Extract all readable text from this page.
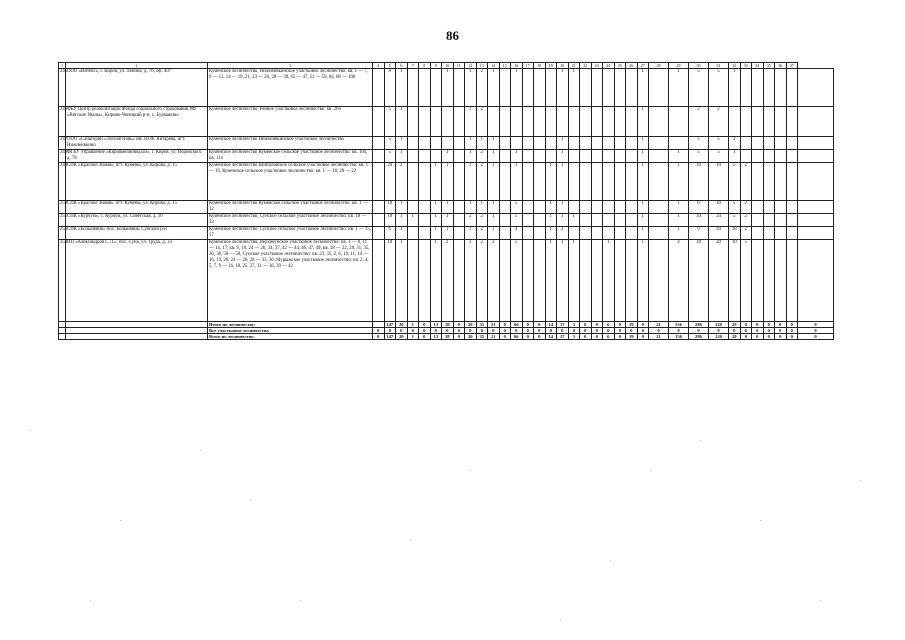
86
1	2	3	4	5	6	7	8	9	10	11	12	13	14	15	16	17	18	19	20	21	22	23	24	25	26	27	28	29	30	31	32	33	34	35	36	37	
245	ООО «Интекс», г. Киров, ул. Ленина, д. 76, оф. 407	Куменское лесничество, Нижнеивкинское участковое лесничество: кв. 1 — 7, 9 — 12, 14 — 19, 21, 23 — 26, 28 — 39, 65 — 47, 52 — 59, 66, 80 — 100		8	1				1		1	2	1		1				1	1						1		1	5	5	1						
246	ФБУ Центр реабилитации Фонда социального страхования РФ «Вятские Увалы», Кирово-Чепецкий р-н, с. Бурмакино	Куменское лесничество, Речное участковое лесничество: кв. 26ч		5	1						1	2														1			2	2							
247	ООО «Санаторий «Лесная Новь» им. Ю.Ф. Янтарева, пгт. Нижнеивкино	Куменское лесничество Нижнеивкинское участковое лесничество		5	1						1	1	1						1							1			5	5	2						
248	ФГБУ Управление «Кировмелиоводхоз», г. Киров, ул. Воровского, д. 78	Куменское лесничество Куменское сельское участковое лесничество: кв. 10ч, кв. 11ч		5	1				1		1	2	1		1				1							1		1	5	5	1						
249	СПК «Красное Знамя», пгт. Кумены, ул. Кирова, д. 15	Куменское лесничество Шипиловское сельское участковое лесничество: кв. 1 — 19, Куменское сельское участковое лесничество: кв. 1 — 18, 20 — 22		20	2			1	1		1	2	1		3			1	1							1		1	10	10	5	2					
250	СПК «Красное Знамя», пгт. Кумены, ул. Кирова, д. 15	Куменское лесничество Куменское сельское участковое лесничество: кв. 1 — 12		10	1			1	1		1	1	1		5			1	1							1		1	6	10	5	2					
251	СПК «Курчум», с. Курчум, ул. Советская, д. 16	Куменское лесничество, Сунское сельское участковое лесничество: кв. 18 — 33		10	1	1		1	1		2	2	1		5			1	1	1						1		1	10	24	5	2					
252	СПК «Большевик» пос. Большевик, Сунский р-н	Куменское лесничество, Сунское сельское участковое лесничество: кв. 1 — 15, 17		6	1			1	1		1	2	1		4			1	2							1		1	9	20	18	2					
253	ИП «Александров С.Л.», пос. Суна, ул. Труда, д. 33	Куменское лесничество, Верхнеунское участковое лесничество: кв. 1 — 8, 11 — 14, 17; кв. 9, 10, 24 — 26, 34, 37, 42 — 44, 46, 47, 49; кв. 18 — 22, 28, 31, 35, 36, 38, 50 — 58, Сунское участковое лесничество: кв. 23, 35, 2, 6, 10, 11, 14 — 16, 19, 20, 24 — 26, 28 — 33, 36, Мурыжское участковое лесничество: кв. 2, 4, 5, 7, 9 — 16, 18, 25, 27, 31 — 36, 39 — 42		10	1			1	2		2	2	2		5			1	1	1			1			1		4	18	20	10	5					
		Итого по лесничеству:		147	20	1	0	13	18	0	20	35	21	0	66	0	0	14	17	3	0	0	6	0	19	0	21	156	286	120	29	0	0	0	0	0	0
		Все участковые лесничества	0	0	0	0	0	0	0	0	0	0	0	0	0	0	0	0	0	0	0	0	0	0	0	0	0	0	0	0	0	0	0	0	0	0	0
		Всего по лесничеству:	0	147	20	1	0	13	18	0	20	35	21	0	66	0	0	14	17	3	0	0	6	0	19	0	21	156	286	120	29	0	0	0	0	0	0
